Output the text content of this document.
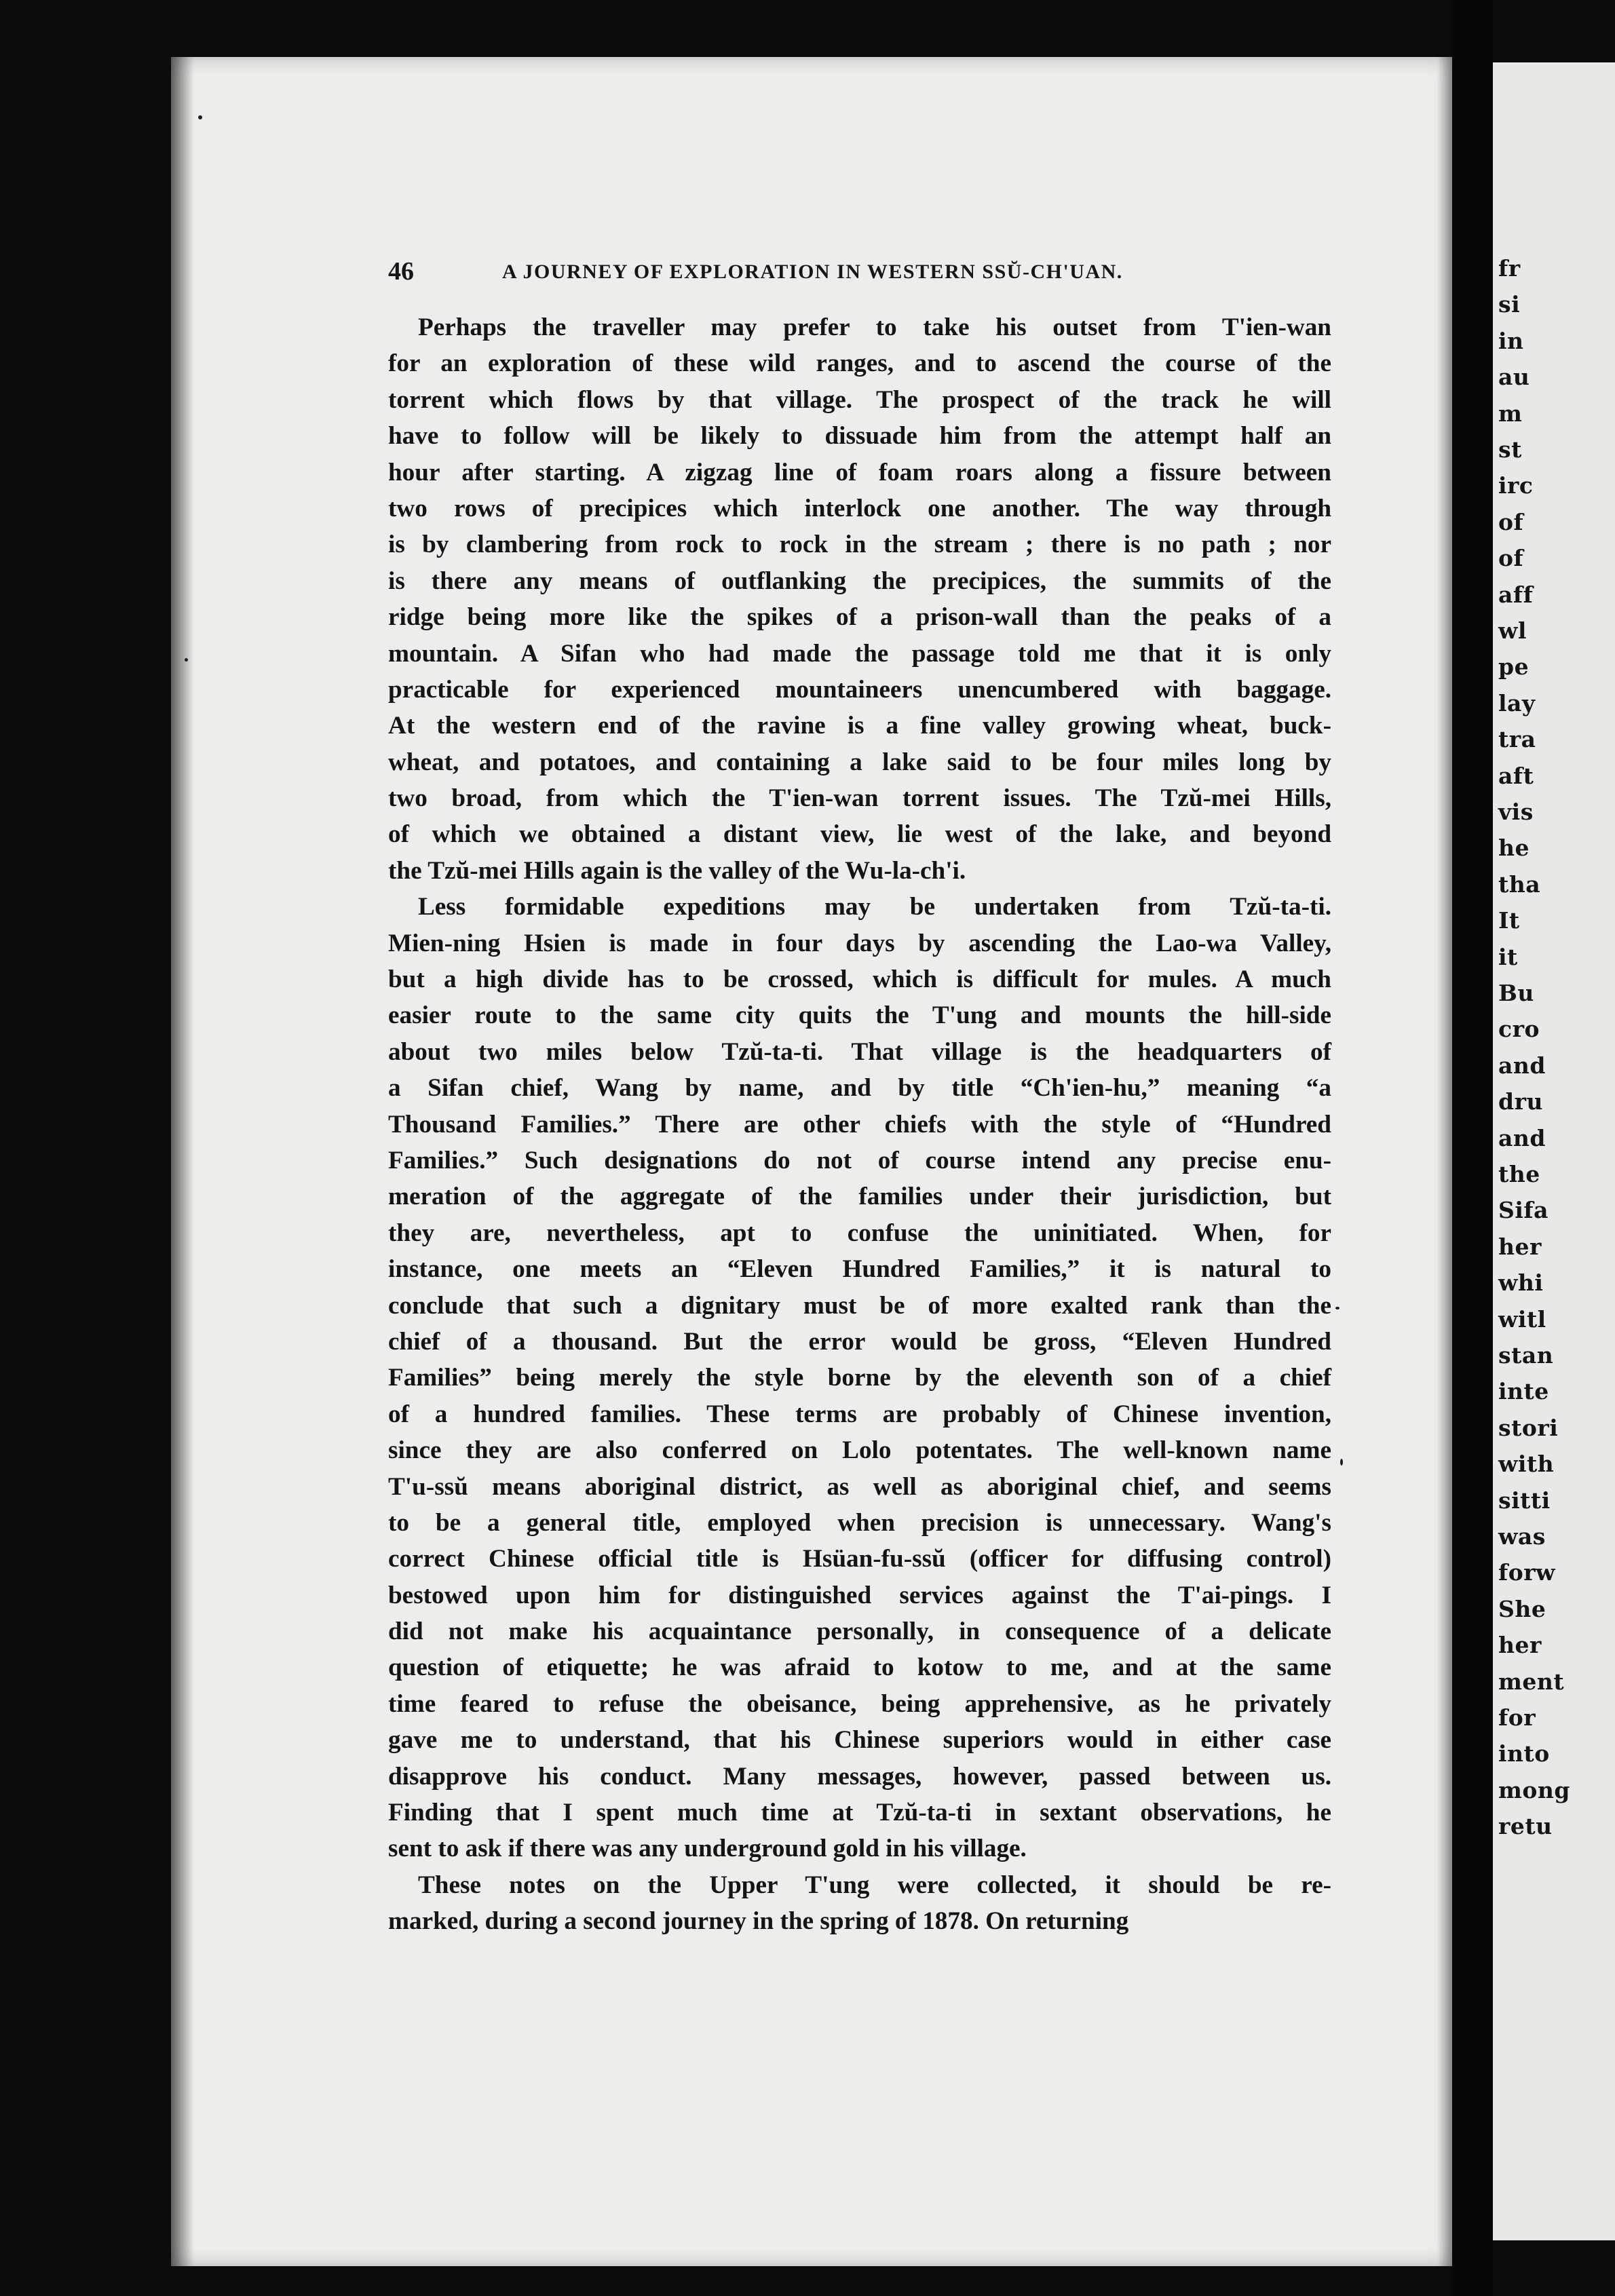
fr
si
in
au
m
st
irc
of
of
aff
wl
pe
lay
tra
aft
vis
he
tha
It
it
Bu
cro
and
dru
and
the
Sifa
her
whi
witl
stan
inte
stori
with
sitti
was
forw
She
her
ment
for
into
mong
retu
46	A JOURNEY OF EXPLORATION IN WESTERN SSŬ-CH'UAN.
Perhaps the traveller may prefer to take his outset from T'ien-wan
for an exploration of these wild ranges, and to ascend the course of the
torrent which flows by that village. The prospect of the track he will
have to follow will be likely to dissuade him from the attempt half an
hour after starting. A zigzag line of foam roars along a fissure between
two rows of precipices which interlock one another. The way through
is by clambering from rock to rock in the stream ; there is no path ; nor
is there any means of outflanking the precipices, the summits of the
ridge being more like the spikes of a prison-wall than the peaks of a
mountain. A Sifan who had made the passage told me that it is only
practicable for experienced mountaineers unencumbered with baggage.
At the western end of the ravine is a fine valley growing wheat, buck-
wheat, and potatoes, and containing a lake said to be four miles long by
two broad, from which the T'ien-wan torrent issues. The Tzŭ-mei Hills,
of which we obtained a distant view, lie west of the lake, and beyond
the Tzŭ-mei Hills again is the valley of the Wu-la-ch'i.
Less formidable expeditions may be undertaken from Tzŭ-ta-ti.
Mien-ning Hsien is made in four days by ascending the Lao-wa Valley,
but a high divide has to be crossed, which is difficult for mules. A much
easier route to the same city quits the T'ung and mounts the hill-side
about two miles below Tzŭ-ta-ti. That village is the headquarters of
a Sifan chief, Wang by name, and by title “Ch'ien-hu,” meaning “a
Thousand Families.” There are other chiefs with the style of “Hundred
Families.” Such designations do not of course intend any precise enu-
meration of the aggregate of the families under their jurisdiction, but
they are, nevertheless, apt to confuse the uninitiated. When, for
instance, one meets an “Eleven Hundred Families,” it is natural to
conclude that such a dignitary must be of more exalted rank than the
chief of a thousand. But the error would be gross, “Eleven Hundred
Families” being merely the style borne by the eleventh son of a chief
of a hundred families. These terms are probably of Chinese invention,
since they are also conferred on Lolo potentates. The well-known name
T'u-ssŭ means aboriginal district, as well as aboriginal chief, and seems
to be a general title, employed when precision is unnecessary. Wang's
correct Chinese official title is Hsüan-fu-ssŭ (officer for diffusing control)
bestowed upon him for distinguished services against the T'ai-pings. I
did not make his acquaintance personally, in consequence of a delicate
question of etiquette; he was afraid to kotow to me, and at the same
time feared to refuse the obeisance, being apprehensive, as he privately
gave me to understand, that his Chinese superiors would in either case
disapprove his conduct. Many messages, however, passed between us.
Finding that I spent much time at Tzŭ-ta-ti in sextant observations, he
sent to ask if there was any underground gold in his village.
These notes on the Upper T'ung were collected, it should be re-
marked, during a second journey in the spring of 1878. On returning
